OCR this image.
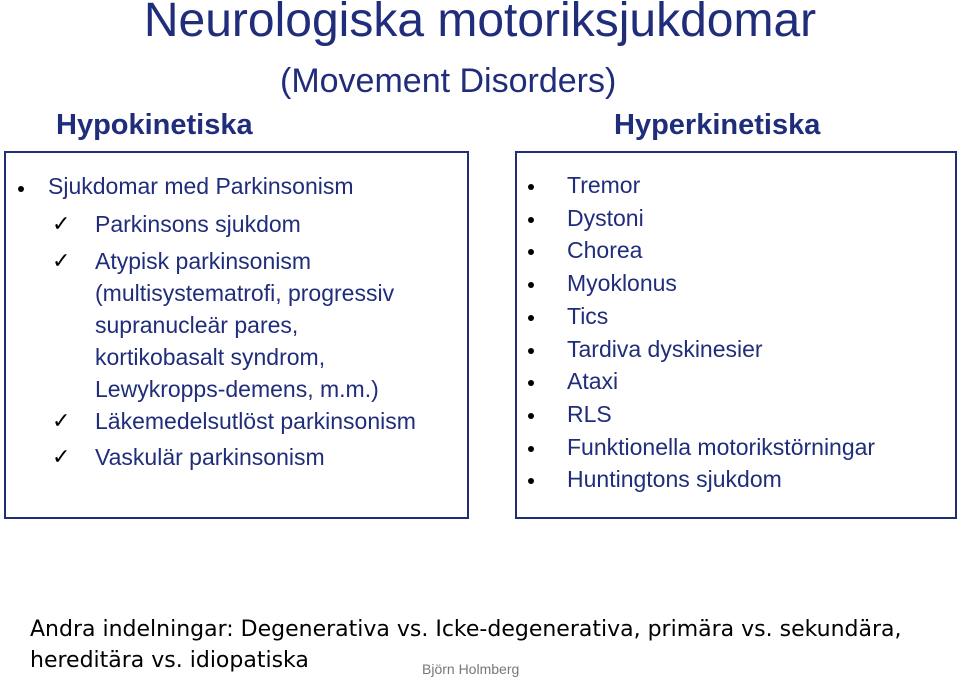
Neurologiska motoriksjukdomar
(Movement Disorders)
Hypokinetiska	Hyperkinetiska
Sjukdomar med Parkinsonism
✓ Parkinsons sjukdom
✓ Atypisk parkinsonism
(multisystematrofi, progressiv
supranucleär pares,
kortikobasalt syndrom,
Lewykropps-demens, m.m.)
✓ Läkemedelsutlöst parkinsonism
✓ Vaskulär parkinsonism
Tremor
Dystoni
Chorea
Myoklonus
Tics
Tardiva dyskinesier
Ataxi
RLS
Funktionella motorikstörningar
Huntingtons sjukdom
Andra indelningar: Degenerativa vs. Icke-degenerativa, primära vs. sekundära,
hereditära vs. idiopatiska	Björn Holmberg
